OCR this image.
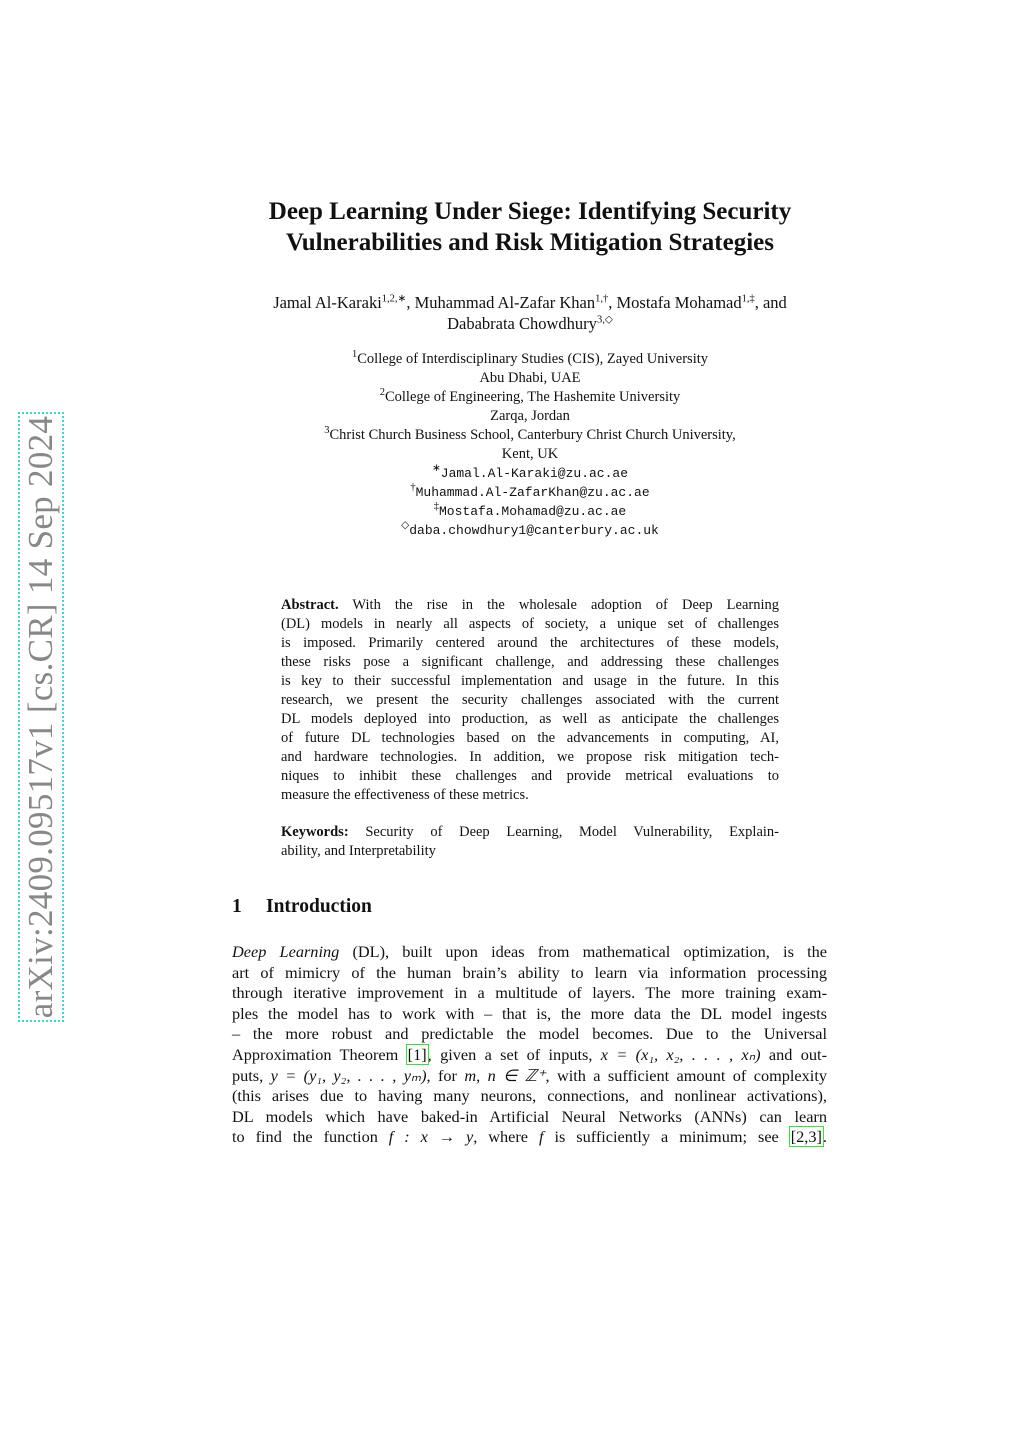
arXiv:2409.09517v1 [cs.CR] 14 Sep 2024
Deep Learning Under Siege: Identifying Security
Vulnerabilities and Risk Mitigation Strategies
Jamal Al-Karaki$^{1,2,∗}$, Muhammad Al-Zafar Khan$^{1,\dagger}$, Mostafa Mohamad$^{1,\ddagger}$, and
Dababrata Chowdhury$^{3,◇}$
$^1$College of Interdisciplinary Studies (CIS), Zayed University
Abu Dhabi, UAE
$^2$College of Engineering, The Hashemite University
Zarqa, Jordan
$^3$Christ Church Business School, Canterbury Christ Church University,
Kent, UK
∗Jamal.Al-Karaki@zu.ac.ae
†Muhammad.Al-ZafarKhan@zu.ac.ae
‡Mostafa.Mohamad@zu.ac.ae
◇daba.chowdhury1@canterbury.ac.uk
Abstract. With the rise in the wholesale adoption of Deep Learning
(DL) models in nearly all aspects of society, a unique set of challenges
is imposed. Primarily centered around the architectures of these models,
these risks pose a significant challenge, and addressing these challenges
is key to their successful implementation and usage in the future. In this
research, we present the security challenges associated with the current
DL models deployed into production, as well as anticipate the challenges
of future DL technologies based on the advancements in computing, AI,
and hardware technologies. In addition, we propose risk mitigation tech-
niques to inhibit these challenges and provide metrical evaluations to
measure the effectiveness of these metrics.
Keywords: Security of Deep Learning, Model Vulnerability, Explain-
ability, and Interpretability
1 Introduction
Deep Learning (DL), built upon ideas from mathematical optimization, is the
art of mimicry of the human brain’s ability to learn via information processing
through iterative improvement in a multitude of layers. The more training exam-
ples the model has to work with – that is, the more data the DL model ingests
– the more robust and predictable the model becomes. Due to the Universal
Approximation Theorem [1], given a set of inputs, x = (x₁, x₂, . . . , xₙ) and out-
puts, y = (y₁, y₂, . . . , yₘ), for m, n ∈ ℤ⁺, with a sufficient amount of complexity
(this arises due to having many neurons, connections, and nonlinear activations),
DL models which have baked-in Artificial Neural Networks (ANNs) can learn
to find the function f : x → y, where f is sufficiently a minimum; see [2,3].
